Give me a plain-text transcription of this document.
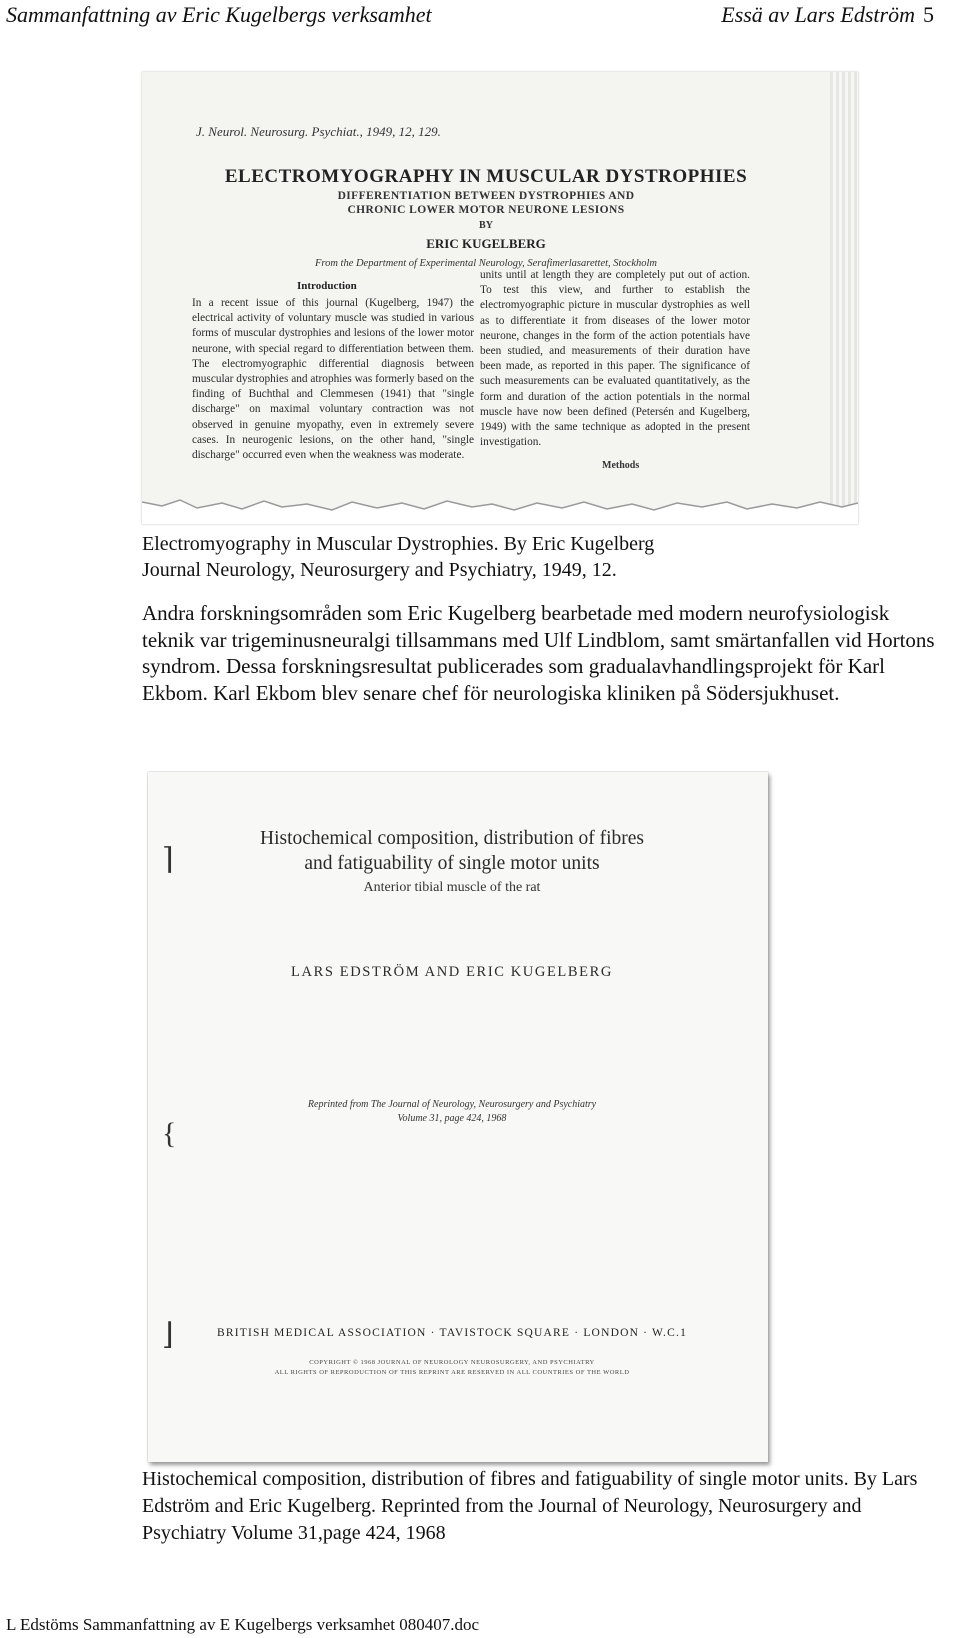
Sammanfattning av Eric Kugelbergs verksamhet	Essä av Lars Edström 5
J. Neurol. Neurosurg. Psychiat., 1949, 12, 129.
ELECTROMYOGRAPHY IN MUSCULAR DYSTROPHIES
DIFFERENTIATION BETWEEN DYSTROPHIES AND
CHRONIC LOWER MOTOR NEURONE LESIONS
BY
ERIC KUGELBERG
From the Department of Experimental Neurology, Serafimerlasarettet, Stockholm
Introduction
In a recent issue of this journal (Kugelberg, 1947) the electrical activity of voluntary muscle was studied in various forms of muscular dystrophies and lesions of the lower motor neurone, with special regard to differentiation between them. The electromyographic differential diagnosis between muscular dystrophies and atrophies was formerly based on the finding of Buchthal and Clemmesen (1941) that "single discharge" on maximal voluntary contraction was not observed in genuine myopathy, even in extremely severe cases. In neurogenic lesions, on the other hand, "single discharge" occurred even when the weakness was moderate.
units until at length they are completely put out of action. To test this view, and further to establish the electromyographic picture in muscular dystrophies as well as to differentiate it from diseases of the lower motor neurone, changes in the form of the action potentials have been studied, and measurements of their duration have been made, as reported in this paper. The significance of such measurements can be evaluated quantitatively, as the form and duration of the action potentials in the normal muscle have now been defined (Petersén and Kugelberg, 1949) with the same technique as adopted in the present investigation.
Methods
Electromyography in Muscular Dystrophies. By Eric Kugelberg
Journal Neurology, Neurosurgery and Psychiatry, 1949, 12.
Andra forskningsområden som Eric Kugelberg bearbetade med modern neurofysiologisk teknik var trigeminusneuralgi tillsammans med Ulf Lindblom, samt smärtanfallen vid Hortons syndrom. Dessa forskningsresultat publicerades som gradualavhandlingsprojekt för Karl Ekbom. Karl Ekbom blev senare chef för neurologiska kliniken på Södersjukhuset.
⌉
{
⌋
Histochemical composition, distribution of fibres
and fatiguability of single motor units
Anterior tibial muscle of the rat
LARS EDSTRÖM AND ERIC KUGELBERG
Reprinted from The Journal of Neurology, Neurosurgery and Psychiatry
Volume 31, page 424, 1968
BRITISH MEDICAL ASSOCIATION · TAVISTOCK SQUARE · LONDON · W.C.1
COPYRIGHT © 1968 JOURNAL OF NEUROLOGY NEUROSURGERY, AND PSYCHIATRY
ALL RIGHTS OF REPRODUCTION OF THIS REPRINT ARE RESERVED IN ALL COUNTRIES OF THE WORLD
Histochemical composition, distribution of fibres and fatiguability of single motor units. By Lars Edström and Eric Kugelberg. Reprinted from the Journal of Neurology, Neurosurgery and Psychiatry Volume 31,page 424, 1968
L Edstöms Sammanfattning av E Kugelbergs verksamhet 080407.doc
